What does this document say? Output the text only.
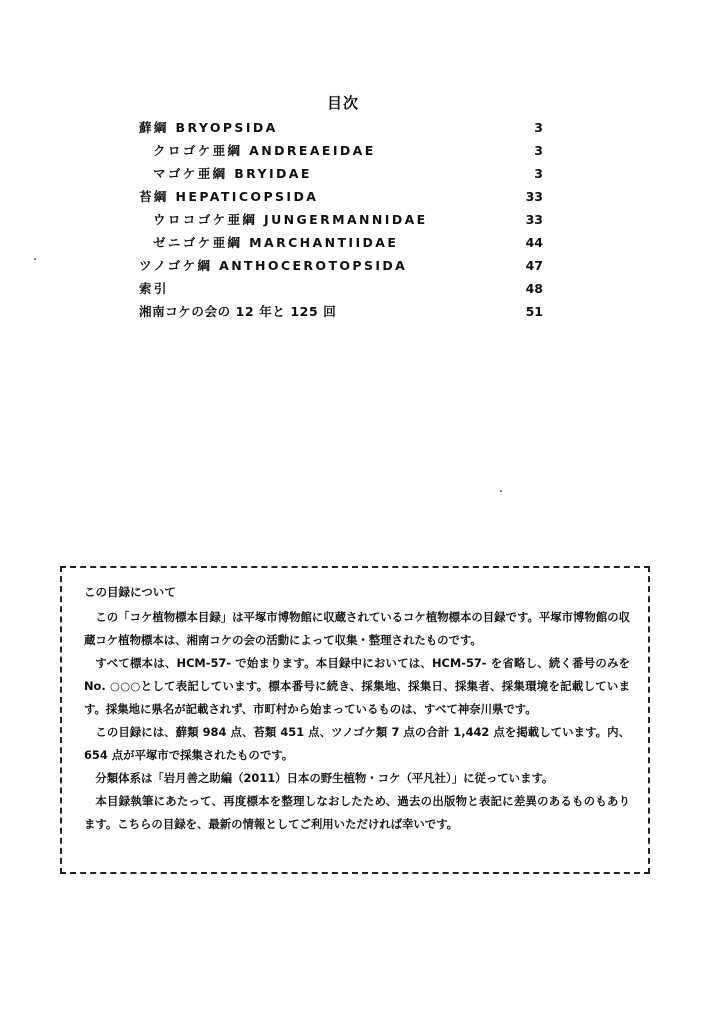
目次
蘚綱 BRYOPSIDA	3
クロゴケ亜綱 ANDREAEIDAE	3
マゴケ亜綱 BRYIDAE	3
苔綱 HEPATICOPSIDA	33
ウロコゴケ亜綱 JUNGERMANNIDAE	33
ゼニゴケ亜綱 MARCHANTIIDAE	44
ツノゴケ綱 ANTHOCEROTOPSIDA	47
索引	48
湘南コケの会の 12 年と 125 回	51
この目録について

この「コケ植物標本目録」は平塚市博物館に収蔵されているコケ植物標本の目録です。平塚市博物館の収蔵コケ植物標本は、湘南コケの会の活動によって収集・整理されたものです。

すべて標本は、HCM-57- で始まります。本目録中においては、HCM-57- を省略し、続く番号のみを No. ○○○として表記しています。標本番号に続き、採集地、採集日、採集者、採集環境を記載しています。採集地に県名が記載されず、市町村から始まっているものは、すべて神奈川県です。

この目録には、蘚類 984 点、苔類 451 点、ツノゴケ類 7 点の合計 1,442 点を掲載しています。内、654 点が平塚市で採集されたものです。

分類体系は「岩月善之助編（2011）日本の野生植物・コケ（平凡社）」に従っています。

本目録執筆にあたって、再度標本を整理しなおしたため、過去の出版物と表記に差異のあるものもあります。こちらの目録を、最新の情報としてご利用いただければ幸いです。
